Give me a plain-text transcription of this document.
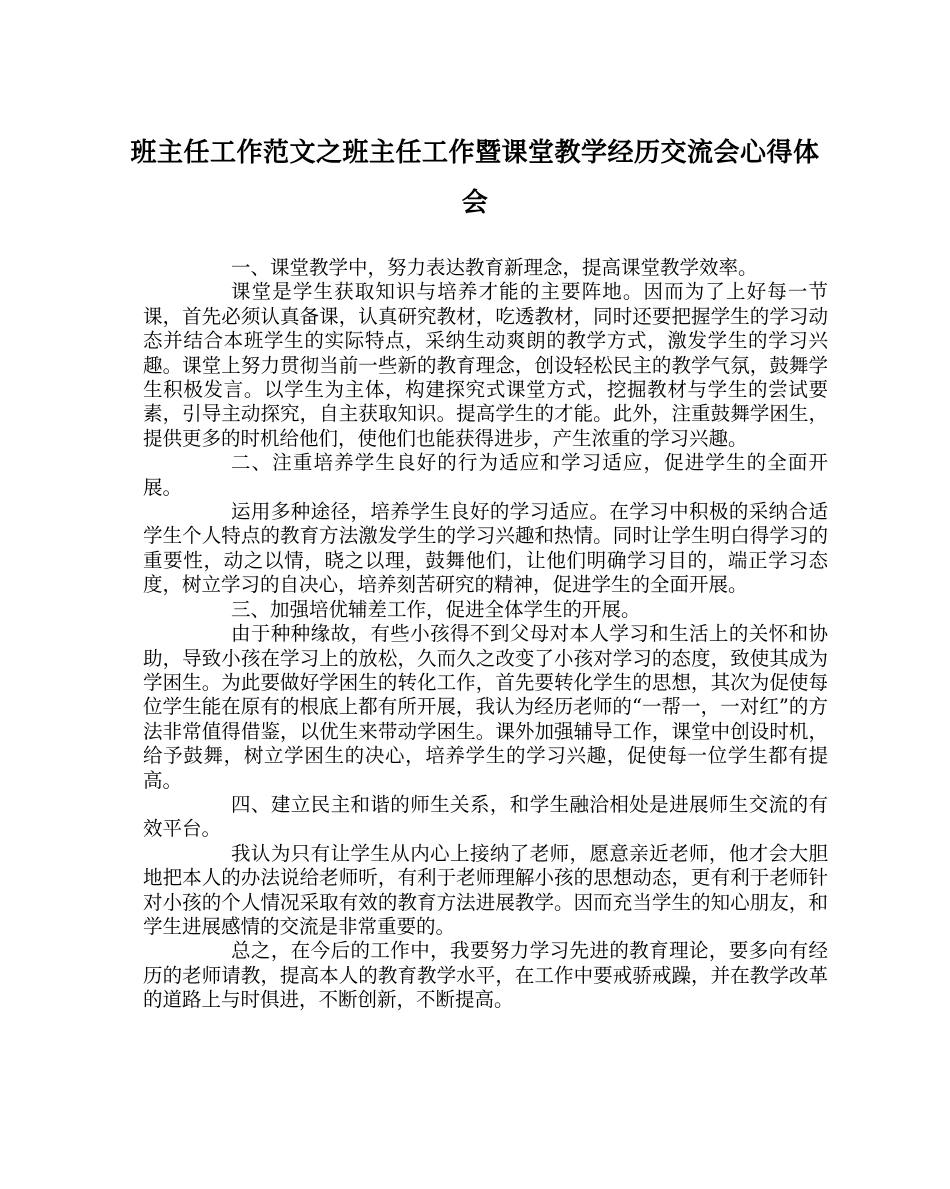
班主任工作范文之班主任工作暨课堂教学经历交流会心得体会

一、课堂教学中，努力表达教育新理念，提高课堂教学效率。

课堂是学生获取知识与培养才能的主要阵地。因而为了上好每一节课，首先必须认真备课，认真研究教材，吃透教材，同时还要把握学生的学习动态并结合本班学生的实际特点，采纳生动爽朗的教学方式，激发学生的学习兴趣。课堂上努力贯彻当前一些新的教育理念，创设轻松民主的教学气氛，鼓舞学生积极发言。以学生为主体，构建探究式课堂方式，挖掘教材与学生的尝试要素，引导主动探究，自主获取知识。提高学生的才能。此外，注重鼓舞学困生，提供更多的时机给他们，使他们也能获得进步，产生浓重的学习兴趣。

二、注重培养学生良好的行为适应和学习适应，促进学生的全面开展。

运用多种途径，培养学生良好的学习适应。在学习中积极的采纳合适学生个人特点的教育方法激发学生的学习兴趣和热情。同时让学生明白得学习的重要性，动之以情，晓之以理，鼓舞他们，让他们明确学习目的，端正学习态度，树立学习的自决心，培养刻苦研究的精神，促进学生的全面开展。

三、加强培优辅差工作，促进全体学生的开展。

由于种种缘故，有些小孩得不到父母对本人学习和生活上的关怀和协助，导致小孩在学习上的放松，久而久之改变了小孩对学习的态度，致使其成为学困生。为此要做好学困生的转化工作，首先要转化学生的思想，其次为促使每位学生能在原有的根底上都有所开展，我认为经历老师的“一帮一，一对红”的方法非常值得借鉴，以优生来带动学困生。课外加强辅导工作，课堂中创设时机，给予鼓舞，树立学困生的决心，培养学生的学习兴趣，促使每一位学生都有提高。

四、建立民主和谐的师生关系，和学生融洽相处是进展师生交流的有效平台。

我认为只有让学生从内心上接纳了老师，愿意亲近老师，他才会大胆地把本人的办法说给老师听，有利于老师理解小孩的思想动态，更有利于老师针对小孩的个人情况采取有效的教育方法进展教学。因而充当学生的知心朋友，和学生进展感情的交流是非常重要的。

总之，在今后的工作中，我要努力学习先进的教育理论，要多向有经历的老师请教，提高本人的教育教学水平，在工作中要戒骄戒躁，并在教学改革的道路上与时俱进，不断创新，不断提高。
